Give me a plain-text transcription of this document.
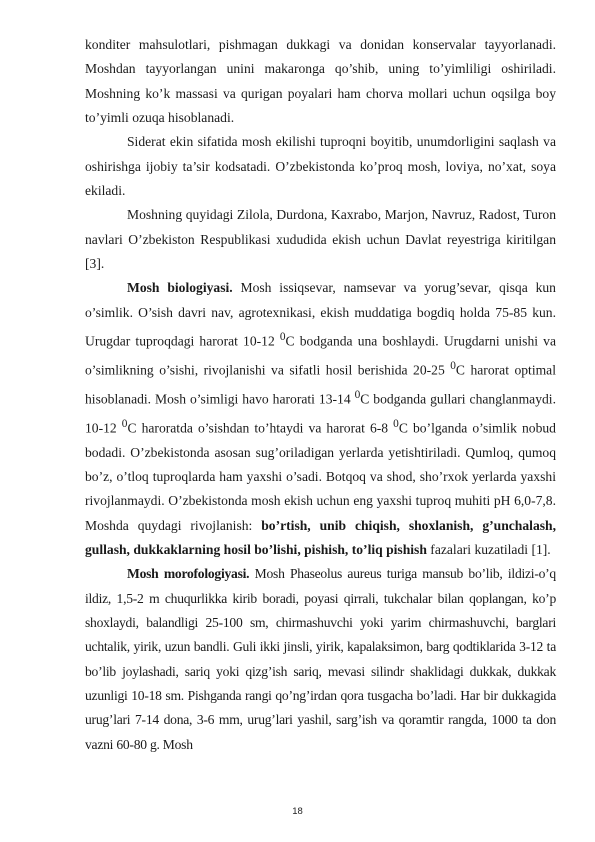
konditer mahsulotlari, pishmagan dukkagi va donidan konservalar tayyorlanadi. Moshdan tayyorlangan unini makaronga qo’shib, uning to’yimliligi oshiriladi. Moshning ko’k massasi va qurigan poyalari ham chorva mollari uchun oqsilga boy to’yimli ozuqa hisoblanadi.

Siderat ekin sifatida mosh ekilishi tuproqni boyitib, unumdorligini saqlash va oshirishga ijobiy ta’sir kodsatadi. O’zbekistonda ko’proq mosh, loviya, no’xat, soya ekiladi.

Moshning quyidagi Zilola, Durdona, Kaxrabo, Marjon, Navruz, Radost, Turon navlari O’zbekiston Respublikasi xududida ekish uchun Davlat reyestriga kiritilgan [3].

Mosh biologiyasi. Mosh issiqsevar, namsevar va yorug’sevar, qisqa kun o’simlik. O’sish davri nav, agrotexnikasi, ekish muddatiga bogdiq holda 75-85 kun. Urugdar tuproqdagi harorat 10-12 $^0$C bodganda una boshlaydi. Urugdarni unishi va o’simlikning o’sishi, rivojlanishi va sifatli hosil berishida 20-25 $^0$C harorat optimal hisoblanadi. Mosh o’simligi havo harorati 13-14 $^0$C bodganda gullari changlanmaydi. 10-12 $^0$C haroratda o’sishdan to’htaydi va harorat 6-8 $^0$C bo’lganda o’simlik nobud bodadi. O’zbekistonda asosan sug’oriladigan yerlarda yetishtiriladi. Qumloq, qumoq bo’z, o’tloq tuproqlarda ham yaxshi o’sadi. Botqoq va shod, sho’rxok yerlarda yaxshi rivojlanmaydi. O’zbekistonda mosh ekish uchun eng yaxshi tuproq muhiti pH 6,0-7,8. Moshda quydagi rivojlanish: bo’rtish, unib chiqish, shoxlanish, g’unchalash, gullash, dukkaklarning hosil bo’lishi, pishish, to’liq pishish fazalari kuzatiladi [1].

Mosh morofologiyasi. Mosh Phaseolus aureus turiga mansub bo’lib, ildizi-o’q ildiz, 1,5-2 m chuqurlikka kirib boradi, poyasi qirrali, tukchalar bilan qoplangan, ko’p shoxlaydi, balandligi 25-100 sm, chirmashuvchi yoki yarim chirmashuvchi, barglari uchtalik, yirik, uzun bandli. Guli ikki jinsli, yirik, kapalaksimon, barg qodtiklarida 3-12 ta bo’lib joylashadi, sariq yoki qizg’ish sariq, mevasi silindr shaklidagi dukkak, dukkak uzunligi 10-18 sm. Pishganda rangi qo’ng’irdan qora tusgacha bo’ladi. Har bir dukkagida urug’lari 7-14 dona, 3-6 mm, urug’lari yashil, sarg’ish va qoramtir rangda, 1000 ta don vazni 60-80 g. Mosh

18
